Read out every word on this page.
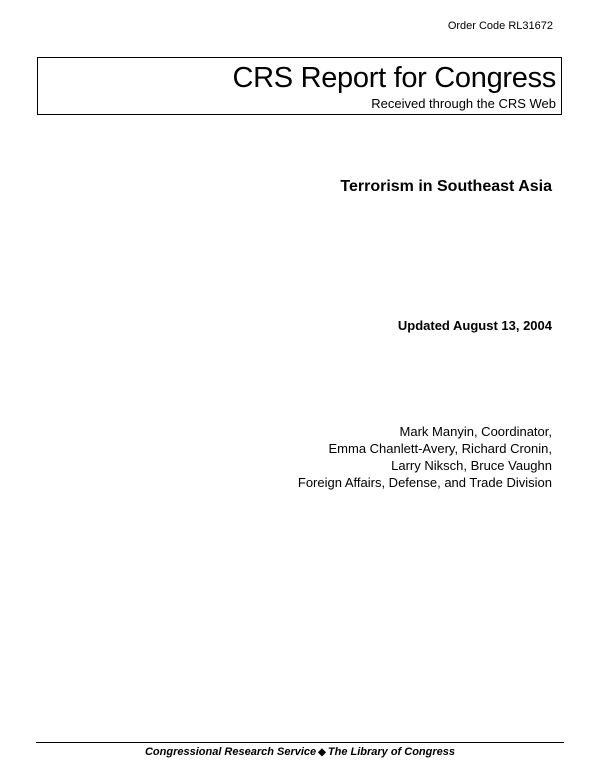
Order Code RL31672
CRS Report for Congress
Received through the CRS Web
Terrorism in Southeast Asia
Updated August 13, 2004
Mark Manyin, Coordinator,
Emma Chanlett-Avery, Richard Cronin,
Larry Niksch, Bruce Vaughn
Foreign Affairs, Defense, and Trade Division
Congressional Research Service ◆ The Library of Congress
